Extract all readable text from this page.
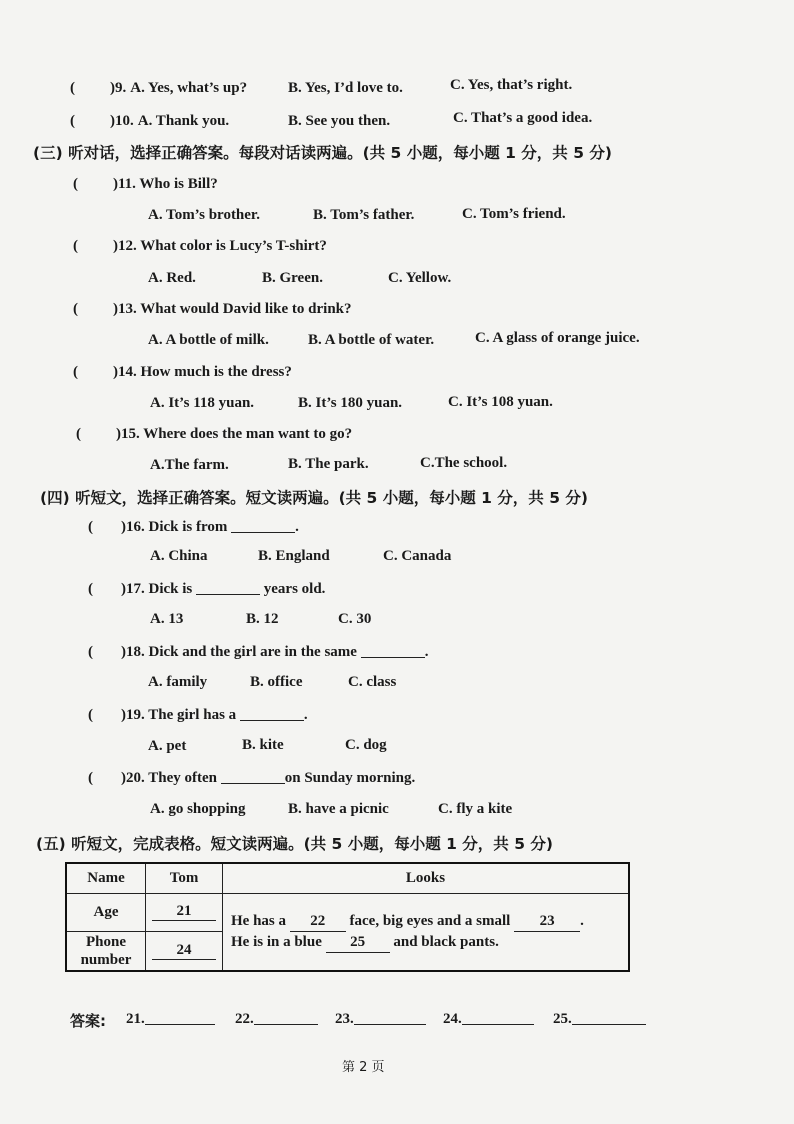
( )9. A. Yes, what’s up?	B. Yes, I’d love to.	C. Yes, that’s right.
( )10. A. Thank you.	B. See you then.	C. That’s a good idea.
(三) 听对话，选择正确答案。每段对话读两遍。(共 5 小题，每小题 1 分，共 5 分)
( )11. Who is Bill?
A. Tom’s brother.	B. Tom’s father.	C. Tom’s friend.
( )12. What color is Lucy’s T-shirt?
A. Red.	B. Green.	C. Yellow.
( )13. What would David like to drink?
A. A bottle of milk.	B. A bottle of water.	C. A glass of orange juice.
( )14. How much is the dress?
A. It’s 118 yuan.	B. It’s 180 yuan.	C. It’s 108 yuan.
( )15. Where does the man want to go?
A.The farm.	B. The park.	C.The school.
(四) 听短文，选择正确答案。短文读两遍。(共 5 小题，每小题 1 分，共 5 分)
( )16. Dick is from	.
A. China	B. England	C. Canada
( )17. Dick is	years old.
A. 13	B. 12	C. 30
( )18. Dick and the girl are in the same	.
A. family	B. office	C. class
( )19. The girl has a	.
A. pet	B. kite	C. dog
( )20. They often	on Sunday morning.
A. go shopping	B. have a picnic	C. fly a kite
(五) 听短文，完成表格。短文读两遍。(共 5 小题，每小题 1 分，共 5 分)
Name	Tom	Looks
Age	21	He has a 22 face, big eyes and a small 23 .
He is in a blue 25 and black pants.

Phone
number	24	
答案: 21.	22.	23.	24.	25.
第 2 页
